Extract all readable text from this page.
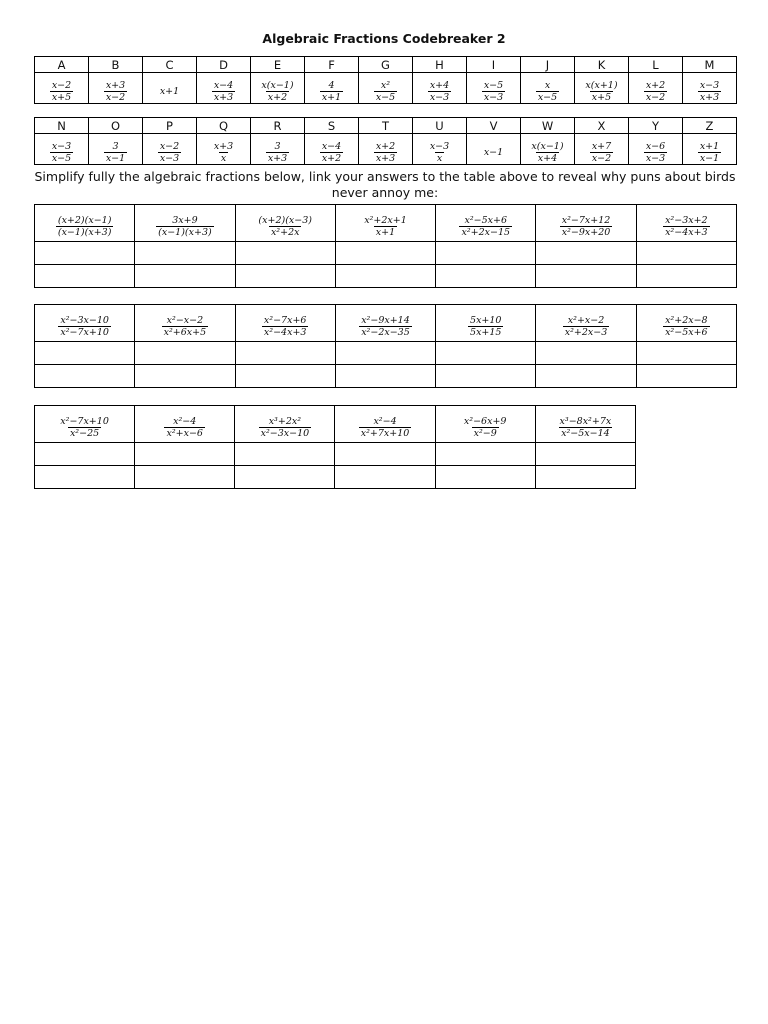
Algebraic Fractions Codebreaker 2
A	B	C	D	E	F	G	H	I	J	K	L	M

$\frac{x-2}{x+5}$	$\frac{x+3}{x-2}$	x+1	$\frac{x-4}{x+3}$	$\frac{x(x-1)}{x+2}$	$\frac{4}{x+1}$	$\frac{\text{x²}}{x-5}$	$\frac{x+4}{x-3}$	$\frac{x-5}{x-3}$	$\frac{x}{x-5}$	$\frac{x(x+1)}{x+5}$	$\frac{x+2}{x-2}$	$\frac{x-3}{x+3}$
N	O	P	Q	R	S	T	U	V	W	X	Y	Z

$\frac{x-3}{x-5}$	$\frac{3}{x-1}$	$\frac{x-2}{x-3}$	$\frac{x+3}{x}$	$\frac{3}{x+3}$	$\frac{x-4}{x+2}$	$\frac{x+2}{x+3}$	$\frac{x-3}{x}$	x−1	$\frac{x(x-1)}{x+4}$	$\frac{x+7}{x-2}$	$\frac{x-6}{x-3}$	$\frac{x+1}{x-1}$
Simplify fully the algebraic fractions below, link your answers to the table above to reveal why puns about birds never annoy me:
$\frac{(x+2)(x-1)}{(x-1)(x+3)}$	$\frac{3x+9}{(x-1)(x+3)}$	$\frac{(x+2)(x-3)}{\text{x²+2x}}$	$\frac{\text{x²+2x+1}}{x+1}$	$\frac{\text{x²−5x+6}}{\text{x²+2x−15}}$	$\frac{\text{x²−7x+12}}{\text{x²−9x+20}}$	$\frac{\text{x²−3x+2}}{\text{x²−4x+3}}$

$\frac{\text{x²−3x−10}}{\text{x²−7x+10}}$	$\frac{\text{x²−x−2}}{\text{x²+6x+5}}$	$\frac{\text{x²−7x+6}}{\text{x²−4x+3}}$	$\frac{\text{x²−9x+14}}{\text{x²−2x−35}}$	$\frac{5x+10}{5x+15}$	$\frac{\text{x²+x−2}}{\text{x²+2x−3}}$	$\frac{\text{x²+2x−8}}{\text{x²−5x+6}}$

$\frac{\text{x²−7x+10}}{\text{x²−25}}$	$\frac{\text{x²−4}}{\text{x²+x−6}}$	$\frac{\text{x³+2x²}}{\text{x²−3x−10}}$	$\frac{\text{x²−4}}{\text{x²+7x+10}}$	$\frac{\text{x²−6x+9}}{\text{x²−9}}$	$\frac{\text{x³−8x²+7x}}{\text{x²−5x−14}}$
